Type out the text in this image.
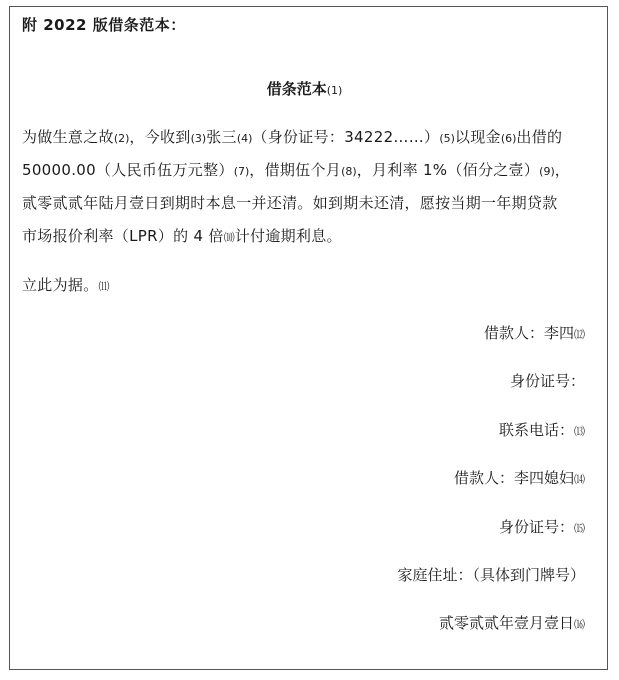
附 2022 版借条范本：
借条范本(1)
为做生意之故(2)，今收到(3)张三(4)（身份证号：34222……）(5)以现金(6)出借的
50000.00（人民币伍万元整）(7)，借期伍个月(8)，月利率 1%（佰分之壹）(9)，
贰零贰贰年陆月壹日到期时本息一并还清。如到期未还清，愿按当期一年期贷款
市场报价利率（LPR）的 4 倍⑽计付逾期利息。
立此为据。⑾
借款人：李四⑿
身份证号：
联系电话：⒀
借款人：李四媳妇⒁
身份证号：⒂
家庭住址：（具体到门牌号）
贰零贰贰年壹月壹日⒃
